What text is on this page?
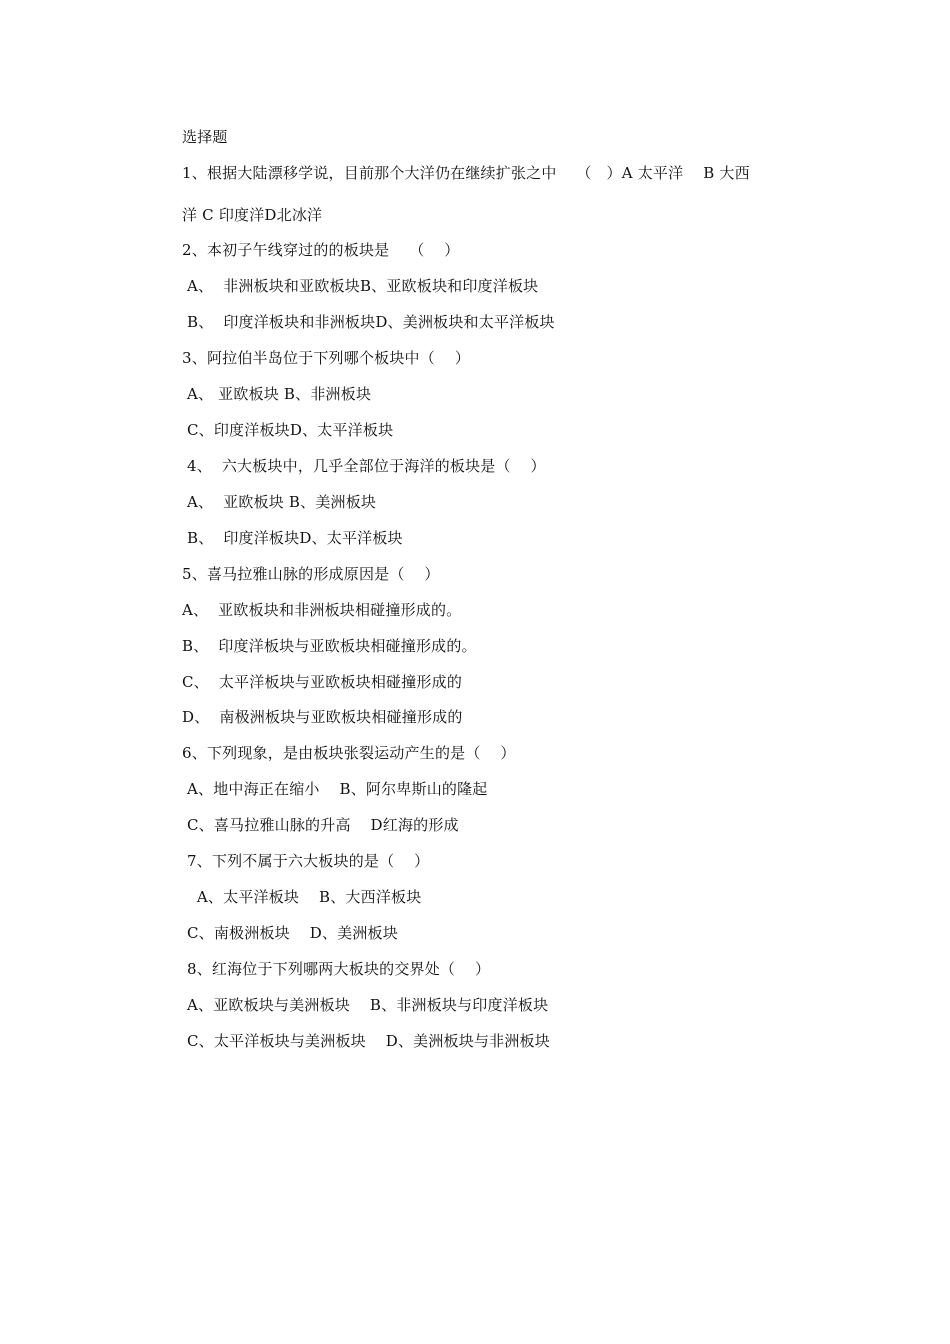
选择题
1、根据大陆漂移学说，目前那个大洋仍在继续扩张之中    （   ）A 太平洋    B 大西
洋 C 印度洋D北冰洋
2、本初子午线穿过的的板块是    （    ）
A、  非洲板块和亚欧板块B、亚欧板块和印度洋板块
B、  印度洋板块和非洲板块D、美洲板块和太平洋板块
3、阿拉伯半岛位于下列哪个板块中（    ）
A、 亚欧板块 B、非洲板块
C、印度洋板块D、太平洋板块
4、  六大板块中，几乎全部位于海洋的板块是（    ）
A、  亚欧板块 B、美洲板块
B、  印度洋板块D、太平洋板块
5、喜马拉雅山脉的形成原因是（    ）
A、  亚欧板块和非洲板块相碰撞形成的。
B、  印度洋板块与亚欧板块相碰撞形成的。
C、  太平洋板块与亚欧板块相碰撞形成的
D、  南极洲板块与亚欧板块相碰撞形成的
6、下列现象，是由板块张裂运动产生的是（    ）
A、地中海正在缩小    B、阿尔卑斯山的隆起
C、喜马拉雅山脉的升高    D红海的形成
7、下列不属于六大板块的是（    ）
A、太平洋板块    B、大西洋板块
C、南极洲板块    D、美洲板块
8、红海位于下列哪两大板块的交界处（    ）
A、亚欧板块与美洲板块    B、非洲板块与印度洋板块
C、太平洋板块与美洲板块    D、美洲板块与非洲板块
